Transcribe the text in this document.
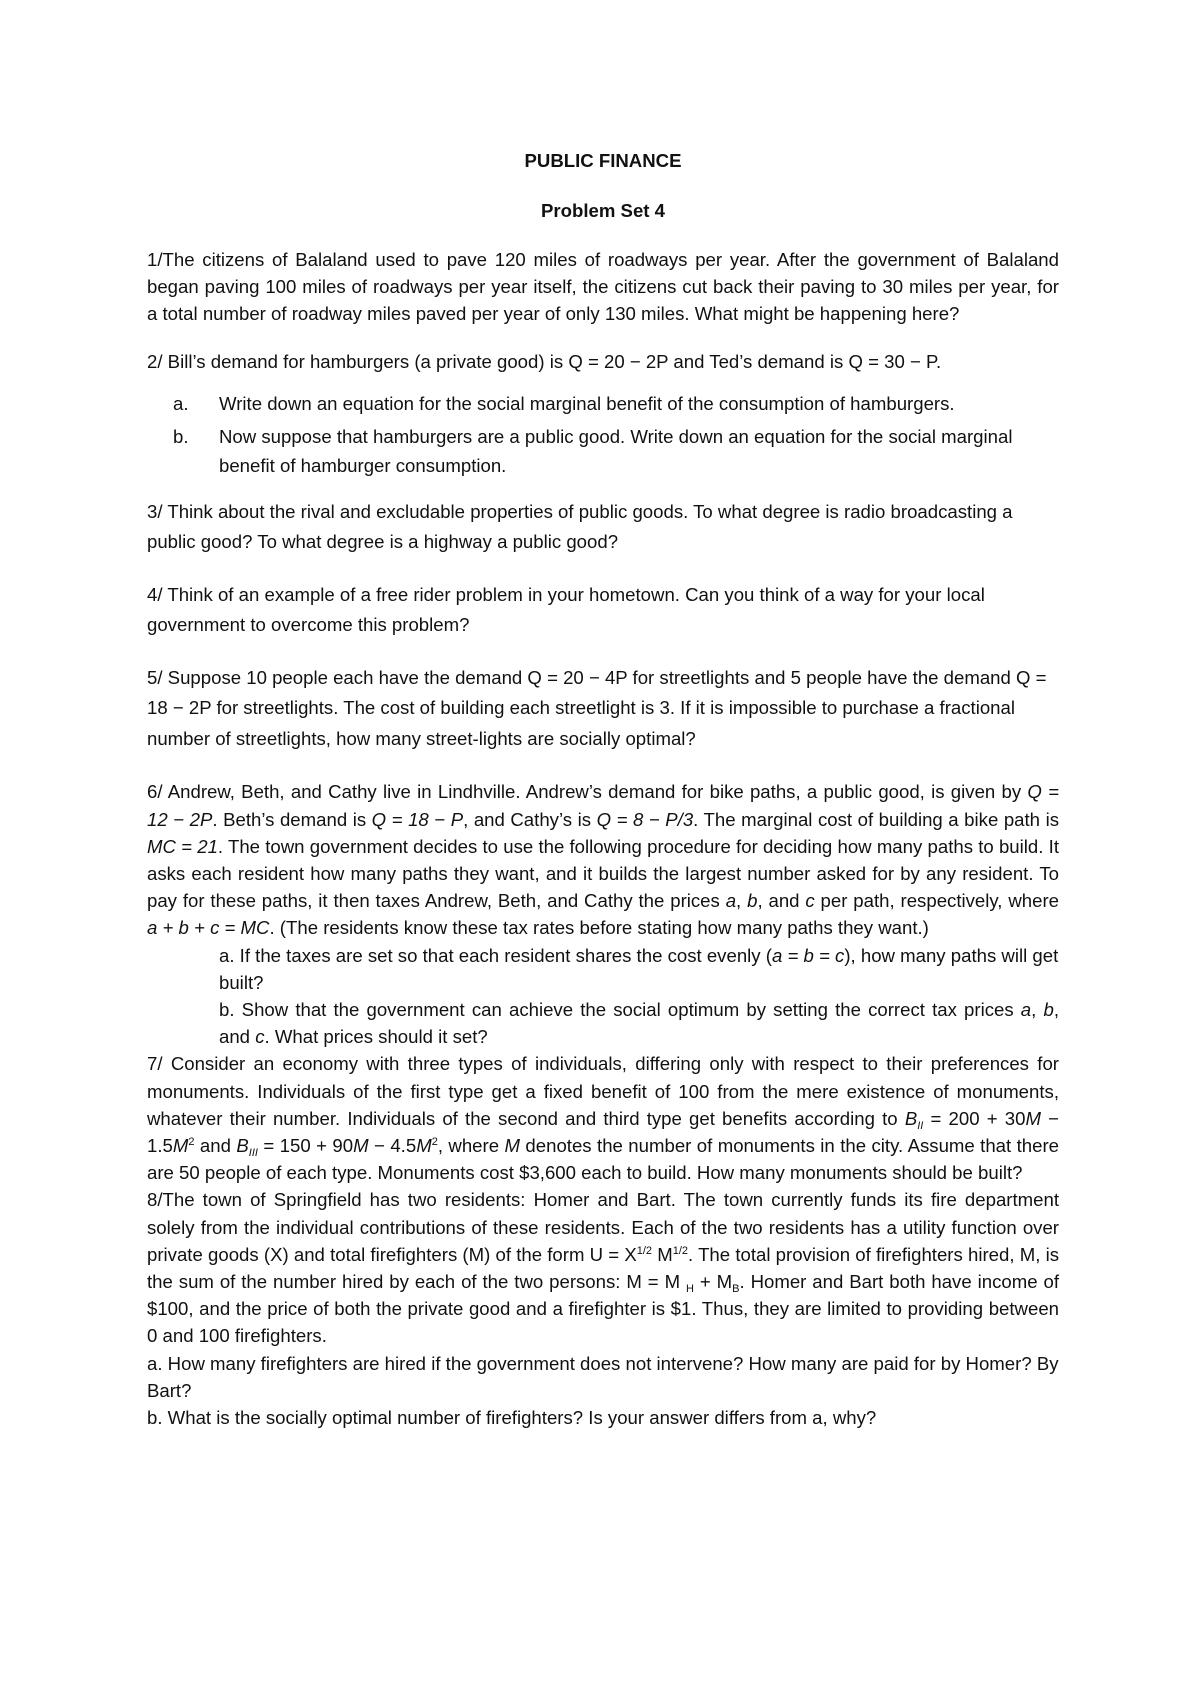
PUBLIC FINANCE

Problem Set 4

1/The citizens of Balaland used to pave 120 miles of roadways per year. After the government of Balaland began paving 100 miles of roadways per year itself, the citizens cut back their paving to 30 miles per year, for a total number of roadway miles paved per year of only 130 miles. What might be happening here?

2/ Bill’s demand for hamburgers (a private good) is Q = 20 − 2P and Ted’s demand is Q = 30 − P.

a. Write down an equation for the social marginal benefit of the consumption of hamburgers.
b. Now suppose that hamburgers are a public good. Write down an equation for the social marginal benefit of hamburger consumption.

3/ Think about the rival and excludable properties of public goods. To what degree is radio broadcasting a public good? To what degree is a highway a public good?

4/ Think of an example of a free rider problem in your hometown. Can you think of a way for your local government to overcome this problem?

5/ Suppose 10 people each have the demand Q = 20 − 4P for streetlights and 5 people have the demand Q = 18 − 2P for streetlights. The cost of building each streetlight is 3. If it is impossible to purchase a fractional number of streetlights, how many street-lights are socially optimal?

6/ Andrew, Beth, and Cathy live in Lindhville. Andrew’s demand for bike paths, a public good, is given by Q = 12 − 2P. Beth’s demand is Q = 18 − P, and Cathy’s is Q = 8 − P/3. The marginal cost of building a bike path is MC = 21. The town government decides to use the following procedure for deciding how many paths to build. It asks each resident how many paths they want, and it builds the largest number asked for by any resident. To pay for these paths, it then taxes Andrew, Beth, and Cathy the prices a, b, and c per path, respectively, where a + b + c = MC. (The residents know these tax rates before stating how many paths they want.)

a. If the taxes are set so that each resident shares the cost evenly (a = b = c), how many paths will get built?

b. Show that the government can achieve the social optimum by setting the correct tax prices a, b, and c. What prices should it set?

7/ Consider an economy with three types of individuals, differing only with respect to their preferences for monuments. Individuals of the first type get a fixed benefit of 100 from the mere existence of monuments, whatever their number. Individuals of the second and third type get benefits according to $B_{II} = 200 + 30M - 1.5M^2$ and $B_{III} = 150 + 90M - 4.5M^2$, where M denotes the number of monuments in the city. Assume that there are 50 people of each type. Monuments cost $3,600 each to build. How many monuments should be built?

8/The town of Springfield has two residents: Homer and Bart. The town currently funds its fire department solely from the individual contributions of these residents. Each of the two residents has a utility function over private goods (X) and total firefighters (M) of the form $U = X^{1/2}$ $M^{1/2}$. The total provision of firefighters hired, M, is the sum of the number hired by each of the two persons: M = M $_H + M_B$. Homer and Bart both have income of $100, and the price of both the private good and a firefighter is $1. Thus, they are limited to providing between 0 and 100 firefighters.

a. How many firefighters are hired if the government does not intervene? How many are paid for by Homer? By Bart?

b. What is the socially optimal number of firefighters? Is your answer differs from a, why?
